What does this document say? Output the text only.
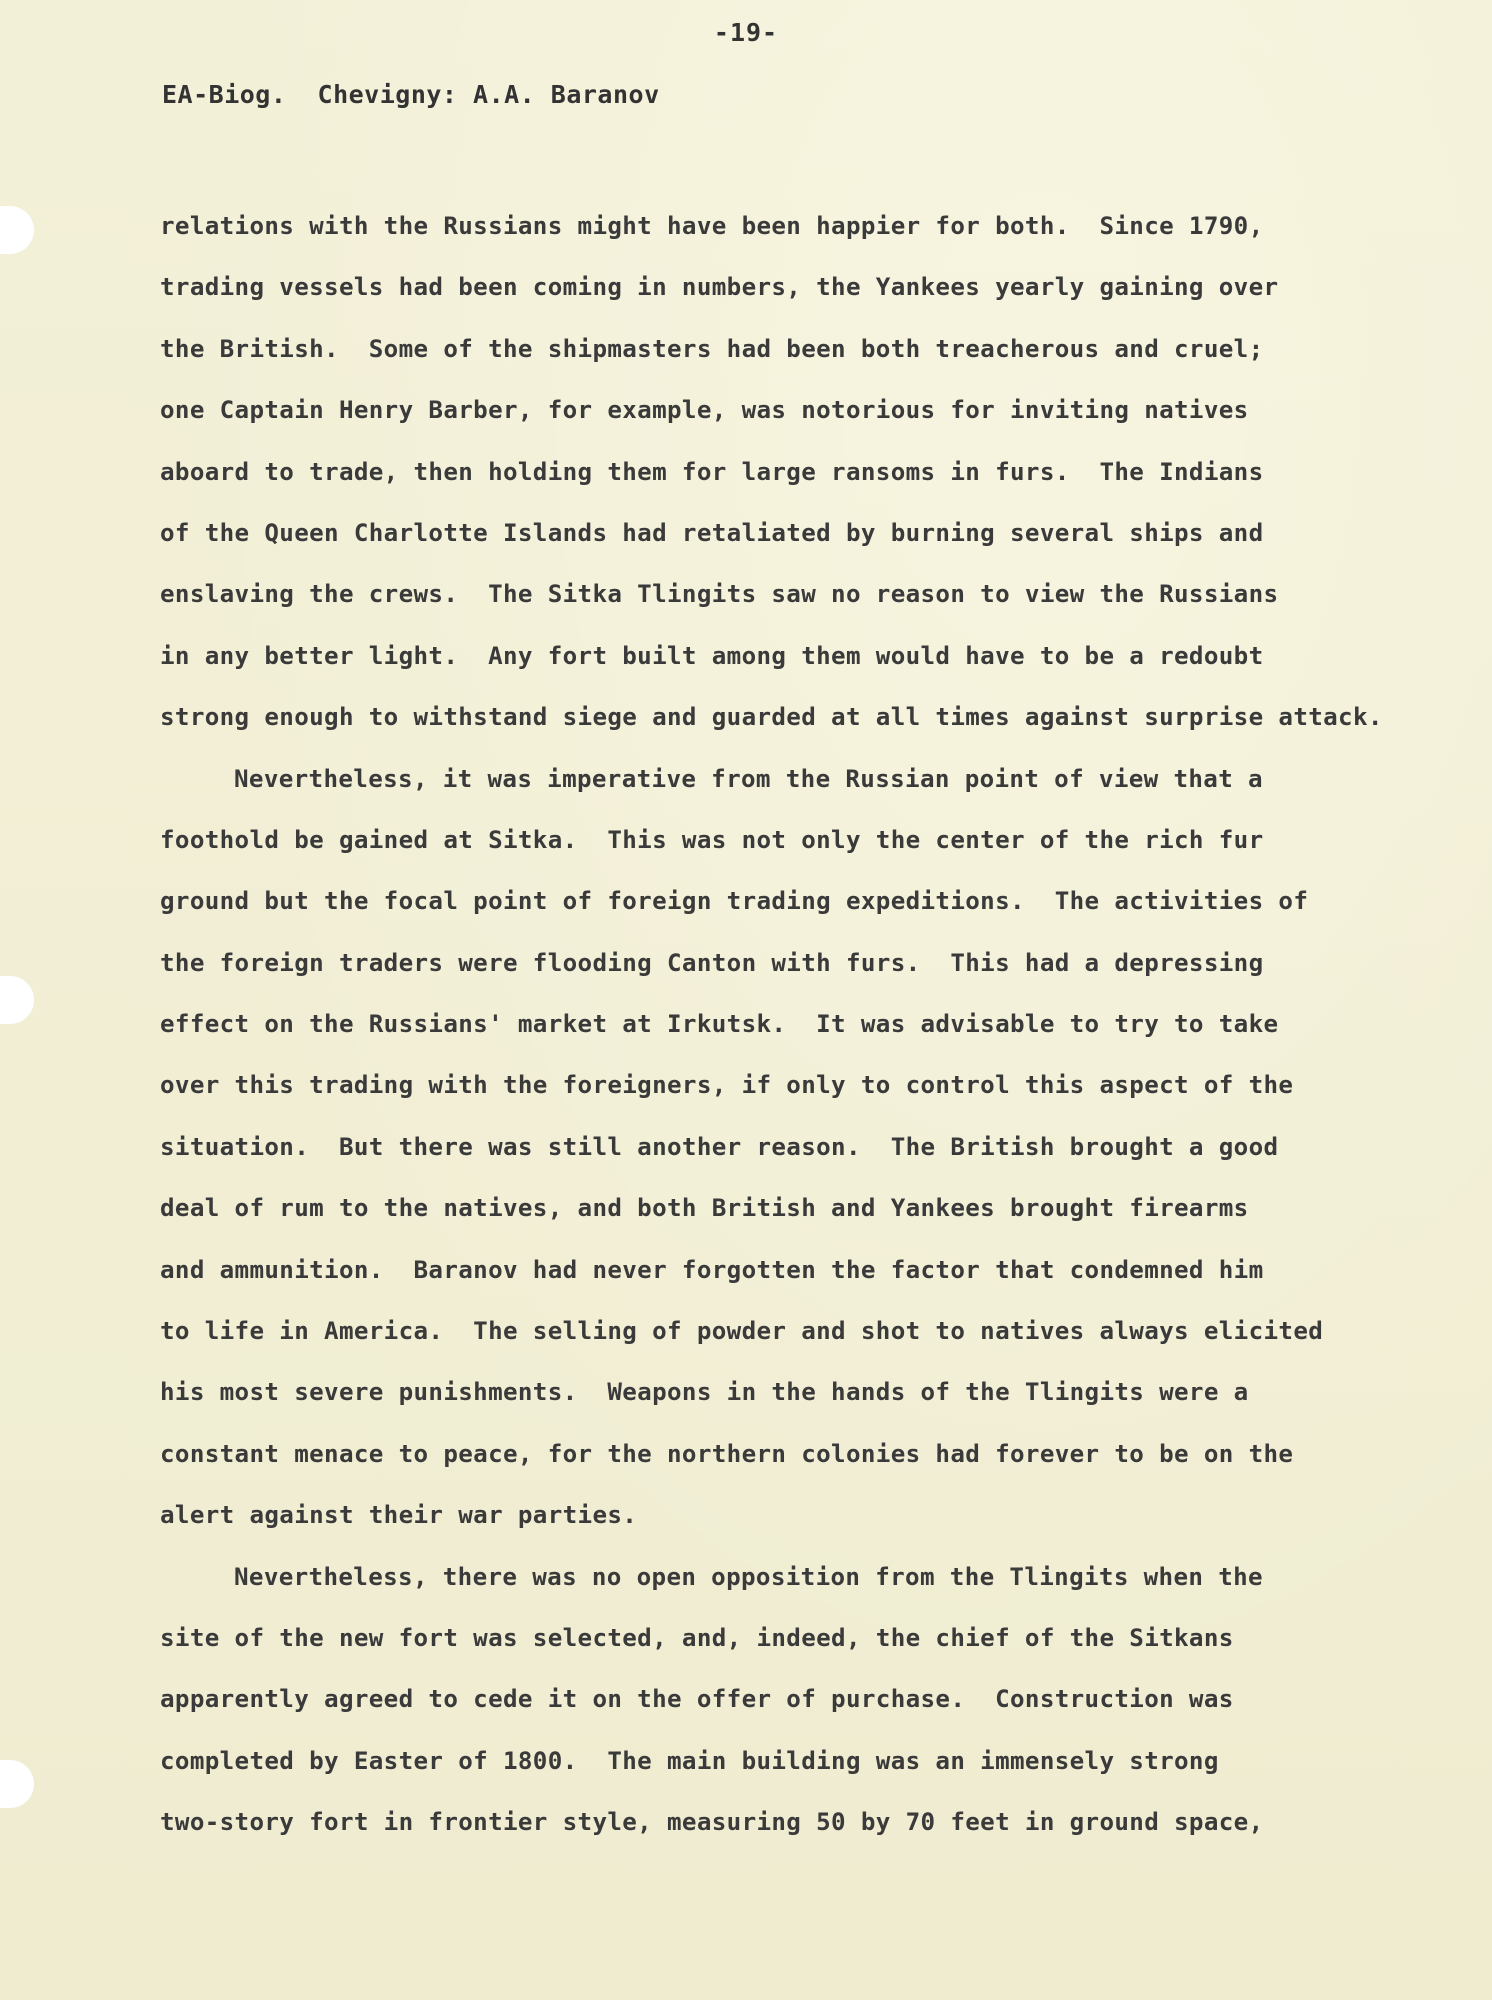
-19-
EA-Biog.  Chevigny: A.A. Baranov
relations with the Russians might have been happier for both.  Since 1790,
trading vessels had been coming in numbers, the Yankees yearly gaining over
the British.  Some of the shipmasters had been both treacherous and cruel;
one Captain Henry Barber, for example, was notorious for inviting natives
aboard to trade, then holding them for large ransoms in furs.  The Indians
of the Queen Charlotte Islands had retaliated by burning several ships and
enslaving the crews.  The Sitka Tlingits saw no reason to view the Russians
in any better light.  Any fort built among them would have to be a redoubt
strong enough to withstand siege and guarded at all times against surprise attack.
Nevertheless, it was imperative from the Russian point of view that a
foothold be gained at Sitka.  This was not only the center of the rich fur
ground but the focal point of foreign trading expeditions.  The activities of
the foreign traders were flooding Canton with furs.  This had a depressing
effect on the Russians' market at Irkutsk.  It was advisable to try to take
over this trading with the foreigners, if only to control this aspect of the
situation.  But there was still another reason.  The British brought a good
deal of rum to the natives, and both British and Yankees brought firearms
and ammunition.  Baranov had never forgotten the factor that condemned him
to life in America.  The selling of powder and shot to natives always elicited
his most severe punishments.  Weapons in the hands of the Tlingits were a
constant menace to peace, for the northern colonies had forever to be on the
alert against their war parties.
Nevertheless, there was no open opposition from the Tlingits when the
site of the new fort was selected, and, indeed, the chief of the Sitkans
apparently agreed to cede it on the offer of purchase.  Construction was
completed by Easter of 1800.  The main building was an immensely strong
two-story fort in frontier style, measuring 50 by 70 feet in ground space,
